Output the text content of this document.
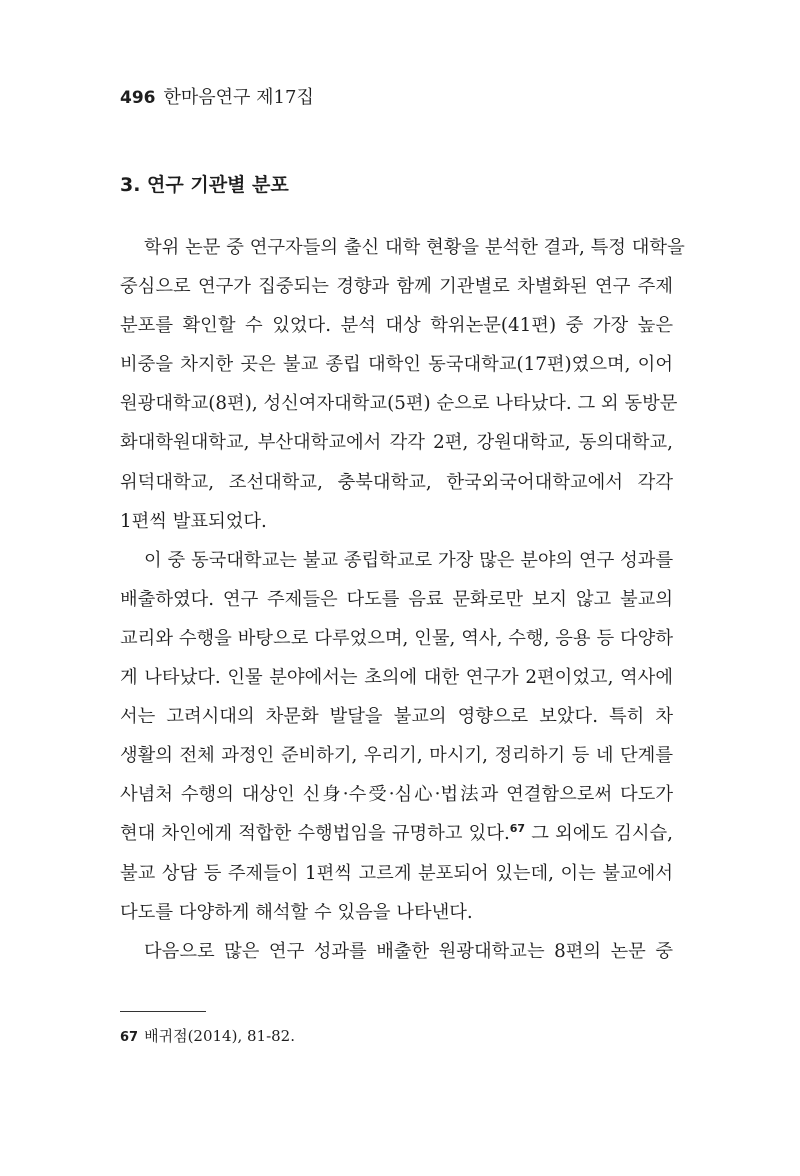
496 한마음연구 제17집
3. 연구 기관별 분포
학위 논문 중 연구자들의 출신 대학 현황을 분석한 결과, 특정 대학을
중심으로 연구가 집중되는 경향과 함께 기관별로 차별화된 연구 주제
분포를 확인할 수 있었다. 분석 대상 학위논문(41편) 중 가장 높은
비중을 차지한 곳은 불교 종립 대학인 동국대학교(17편)였으며, 이어
원광대학교(8편), 성신여자대학교(5편) 순으로 나타났다. 그 외 동방문
화대학원대학교, 부산대학교에서 각각 2편, 강원대학교, 동의대학교,
위덕대학교, 조선대학교, 충북대학교, 한국외국어대학교에서 각각
1편씩 발표되었다.
이 중 동국대학교는 불교 종립학교로 가장 많은 분야의 연구 성과를
배출하였다. 연구 주제들은 다도를 음료 문화로만 보지 않고 불교의
교리와 수행을 바탕으로 다루었으며, 인물, 역사, 수행, 응용 등 다양하
게 나타났다. 인물 분야에서는 초의에 대한 연구가 2편이었고, 역사에
서는 고려시대의 차문화 발달을 불교의 영향으로 보았다. 특히 차
생활의 전체 과정인 준비하기, 우리기, 마시기, 정리하기 등 네 단계를
사념처 수행의 대상인 신身·수受·심心·법法과 연결함으로써 다도가
현대 차인에게 적합한 수행법임을 규명하고 있다.$^{67}$ 그 외에도 김시습,
불교 상담 등 주제들이 1편씩 고르게 분포되어 있는데, 이는 불교에서
다도를 다양하게 해석할 수 있음을 나타낸다.
다음으로 많은 연구 성과를 배출한 원광대학교는 8편의 논문 중
67 배귀점(2014), 81-82.
